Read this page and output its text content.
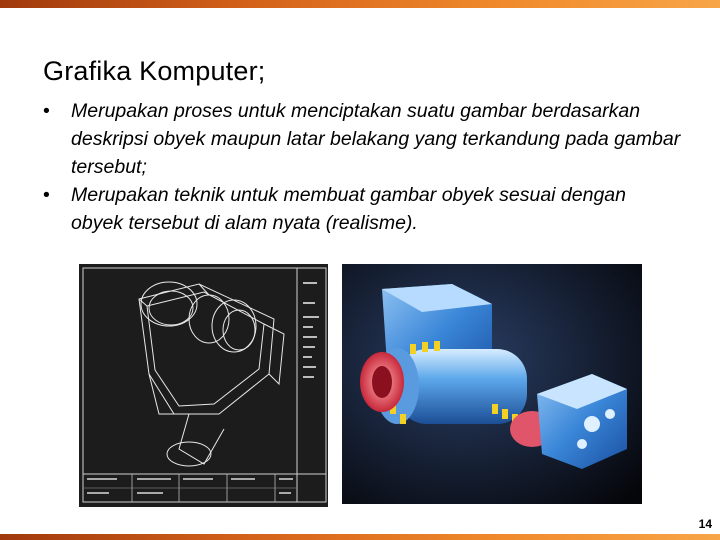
Grafika Komputer;
• Merupakan proses untuk menciptakan suatu gambar berdasarkan deskripsi obyek maupun latar belakang yang terkandung pada gambar tersebut;
• Merupakan teknik untuk membuat gambar obyek sesuai dengan obyek tersebut di alam nyata (realisme).
14
